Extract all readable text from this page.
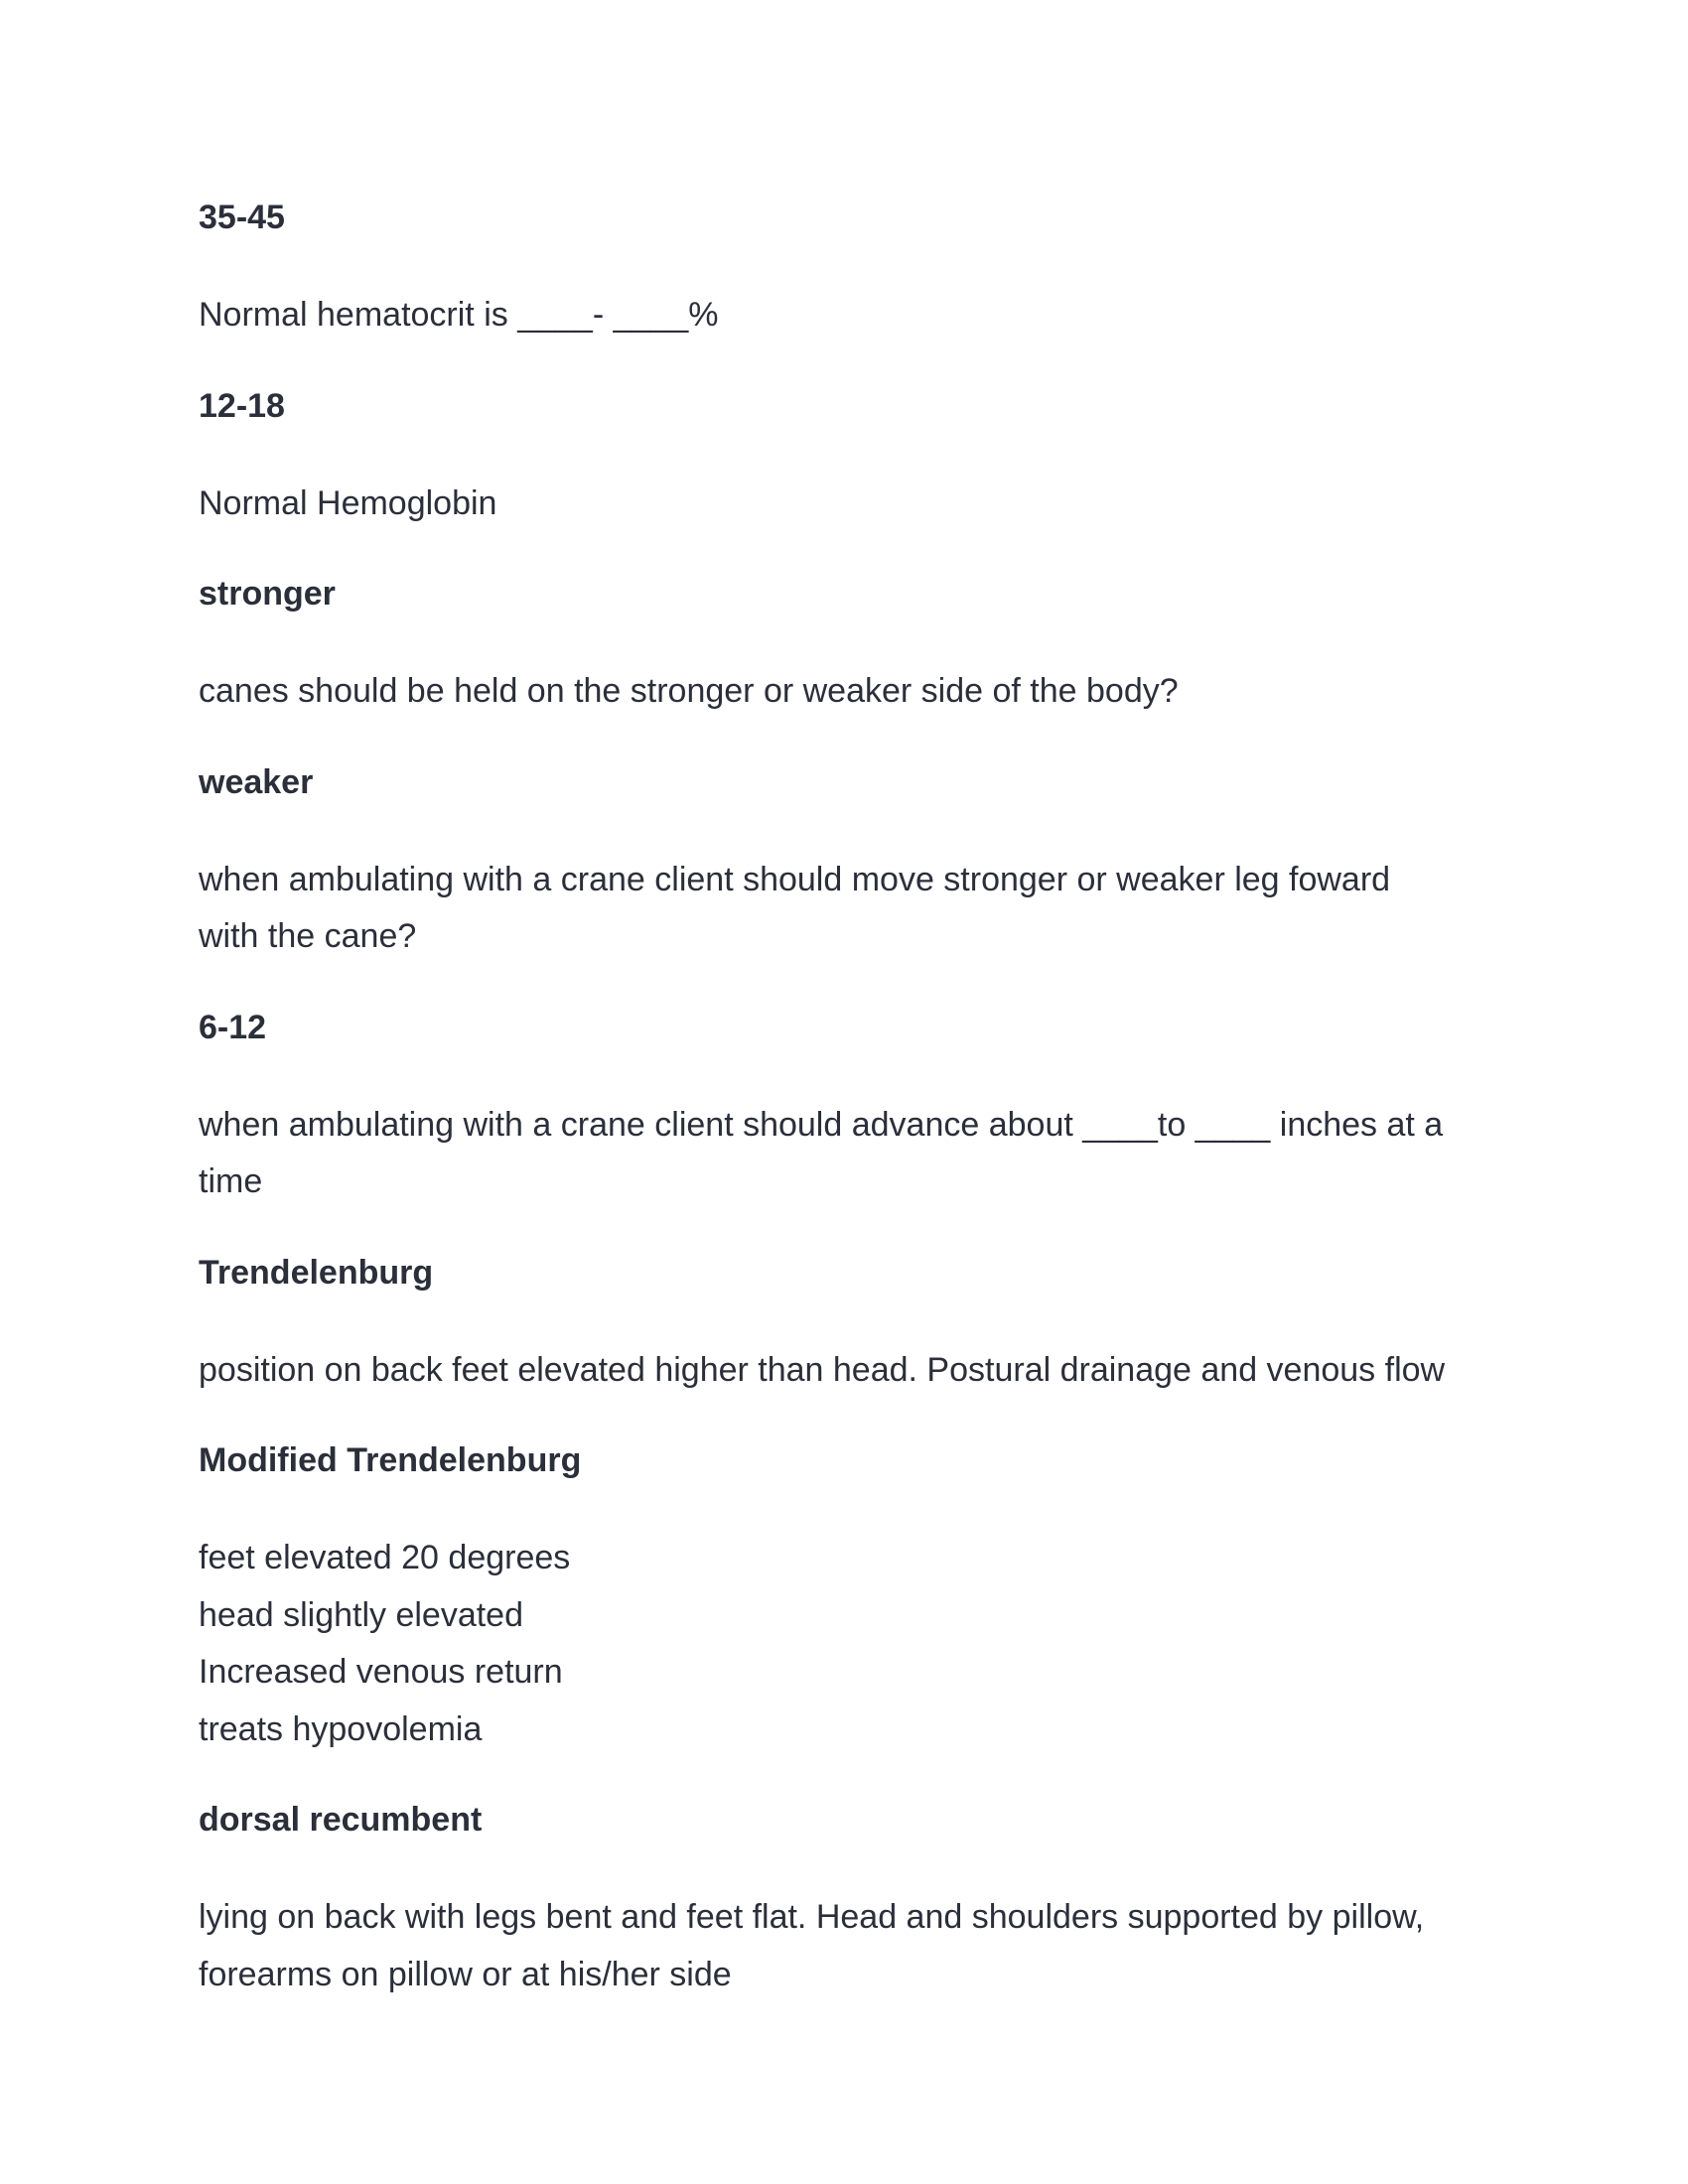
35-45

Normal hematocrit is ____- ____%

12-18

Normal Hemoglobin

stronger

canes should be held on the stronger or weaker side of the body?

weaker

when ambulating with a crane client should move stronger or weaker leg foward with the cane?

6-12

when ambulating with a crane client should advance about ____to ____ inches at a time

Trendelenburg

position on back feet elevated higher than head. Postural drainage and venous flow

Modified Trendelenburg

feet elevated 20 degrees

head slightly elevated

Increased venous return

treats hypovolemia

dorsal recumbent

lying on back with legs bent and feet flat. Head and shoulders supported by pillow, forearms on pillow or at his/her side
